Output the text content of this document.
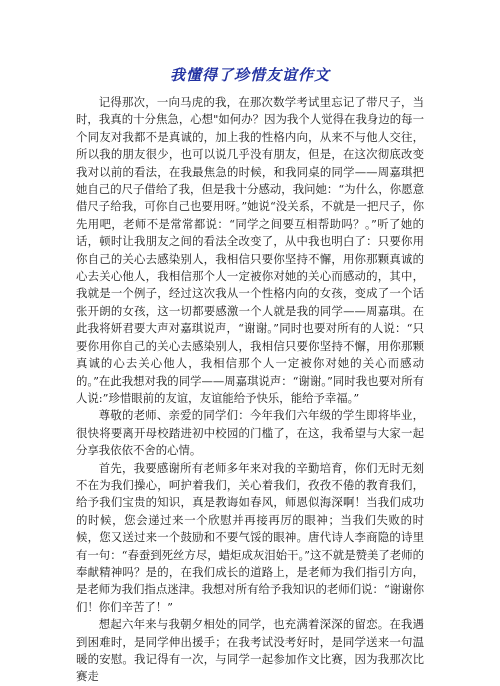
我懂得了珍惜友谊作文

记得那次，一向马虎的我，在那次数学考试里忘记了带尺子，当时，我真的十分焦急，心想"如何办？因为我个人觉得在我身边的每一个同友对我都不是真诚的，加上我的性格内向，从来不与他人交往，所以我的朋友很少，也可以说几乎没有朋友，但是，在这次彻底改变我对以前的看法，在我最焦急的时候，和我同桌的同学——周嘉琪把她自己的尺子借给了我，但是我十分感动，我问她：“为什么，你愿意借尺子给我，可你自己也要用呀。”她说“没关系，不就是一把尺子，你先用吧，老师不是常常都说：“同学之间要互相帮助吗？。”听了她的话，顿时让我朋友之间的看法全改变了，从中我也明白了：只要你用你自己的关心去感染别人，我相信只要你坚持不懈，用你那颗真诚的心去关心他人，我相信那个人一定被你对她的关心而感动的，其中，我就是一个例子，经过这次我从一个性格内向的女孩，变成了一个话张开朗的女孩，这一切都要感激一个人就是我的同学——周嘉琪。在此我将妍君要大声对嘉琪说声，“谢谢。”同时也要对所有的人说：“只要你用你自己的关心去感染别人，我相信只要你坚持不懈，用你那颗真诚的心去关心他人，我相信那个人一定被你对她的关心而感动的。”在此我想对我的同学——周嘉琪说声：“谢谢。”同时我也要对所有人说:”珍惜眼前的友谊，友谊能给予快乐，能给予幸福。”

尊敬的老师、亲爱的同学们：今年我们六年级的学生即将毕业，很快将要离开母校踏进初中校园的门槛了，在这，我希望与大家一起分享我依依不舍的心情。

首先，我要感谢所有老师多年来对我的辛勤培育，你们无时无刻不在为我们操心，呵护着我们，关心着我们，孜孜不倦的教育我们，给予我们宝贵的知识，真是教诲如春风，师恩似海深啊！当我们成功的时候，您会递过来一个欣慰并再接再厉的眼神；当我们失败的时候，您又送过来一个鼓励和不要气馁的眼神。唐代诗人李商隐的诗里有一句：“春蚕到死丝方尽，蜡炬成灰泪始干。”这不就是赞美了老师的奉献精神吗？是的，在我们成长的道路上，是老师为我们指引方向，是老师为我们指点迷津。我想对所有给予我知识的老师们说：“谢谢你们！你们辛苦了！”

想起六年来与我朝夕相处的同学，也充满着深深的留恋。在我遇到困难时，是同学伸出援手；在我考试没考好时，是同学送来一句温暖的安慰。我记得有一次，与同学一起参加作文比赛，因为我那次比赛走
